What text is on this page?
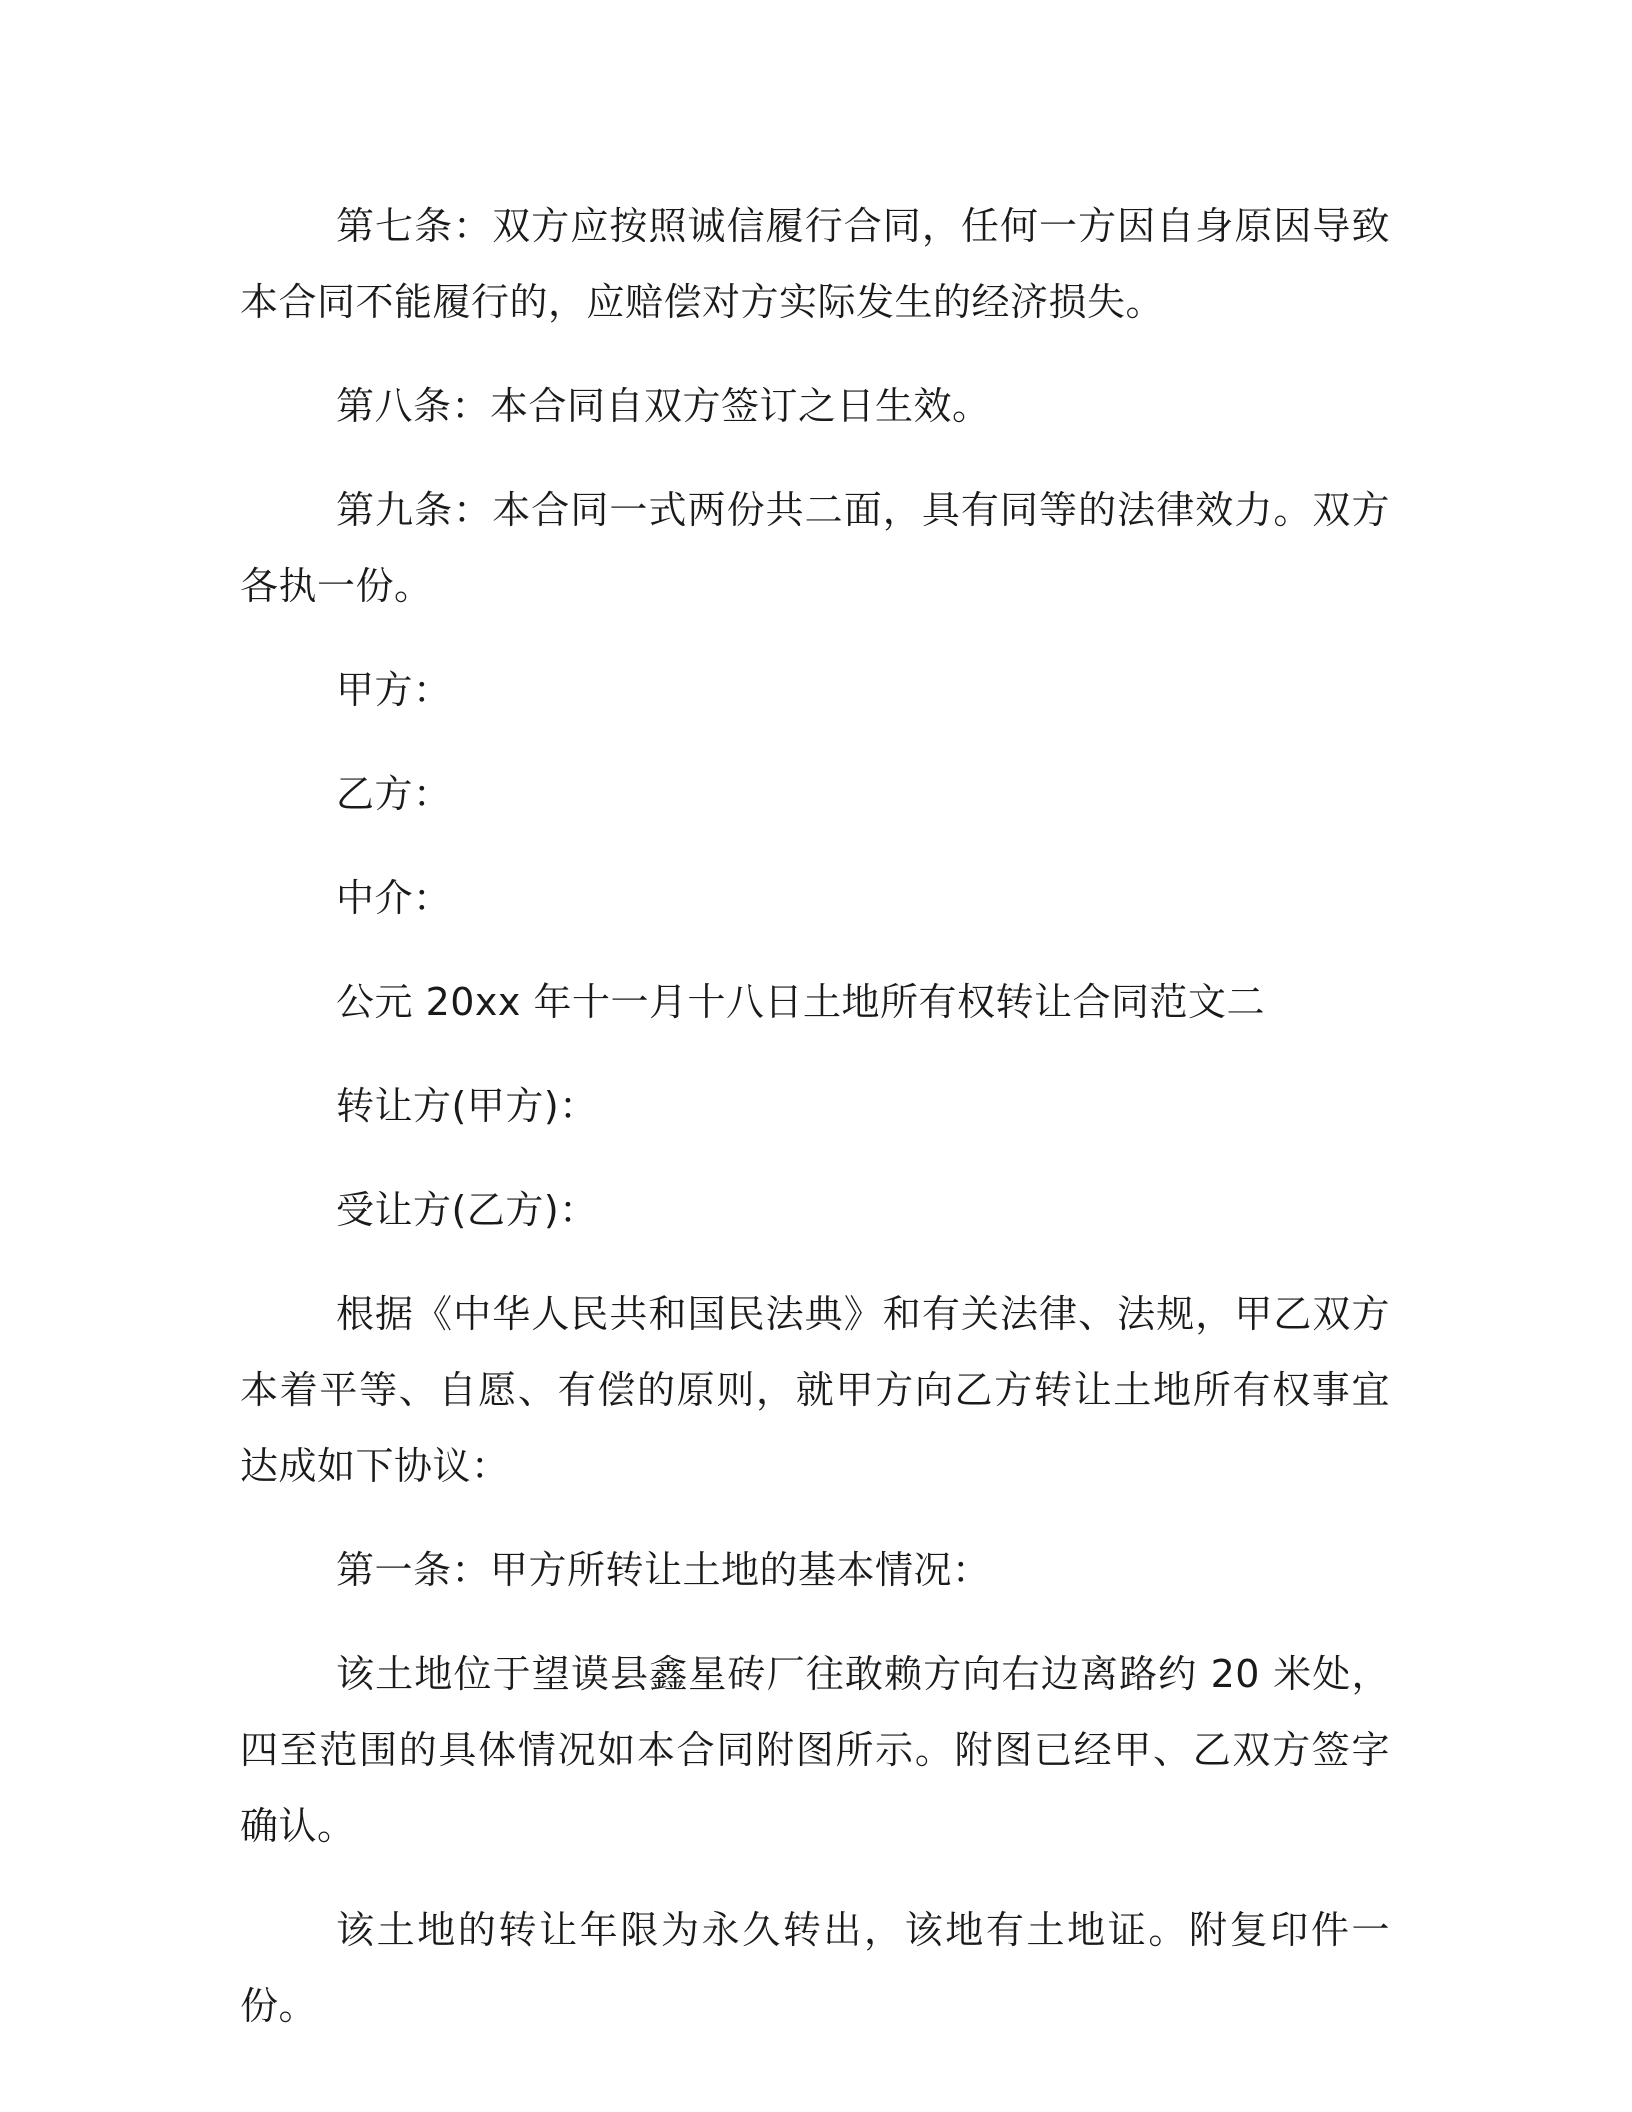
第七条：双方应按照诚信履行合同，任何一方因自身原因导致本合同不能履行的，应赔偿对方实际发生的经济损失。

第八条：本合同自双方签订之日生效。

第九条：本合同一式两份共二面，具有同等的法律效力。双方各执一份。

甲方：

乙方：

中介：

公元 20xx 年十一月十八日土地所有权转让合同范文二

转让方(甲方)：

受让方(乙方)：

根据《中华人民共和国民法典》和有关法律、法规，甲乙双方本着平等、自愿、有偿的原则，就甲方向乙方转让土地所有权事宜达成如下协议：

第一条：甲方所转让土地的基本情况：

该土地位于望谟县鑫星砖厂往敢赖方向右边离路约 20 米处，四至范围的具体情况如本合同附图所示。附图已经甲、乙双方签字确认。

该土地的转让年限为永久转出，该地有土地证。附复印件一份。
